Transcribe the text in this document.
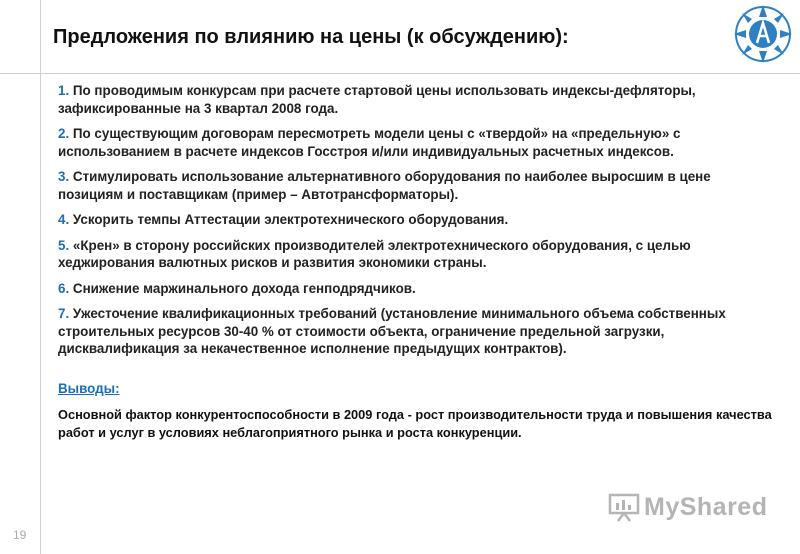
Предложения по влиянию на цены (к обсуждению):
1. По проводимым конкурсам при расчете стартовой цены использовать индексы-дефляторы, зафиксированные на 3 квартал 2008 года.
2. По существующим договорам пересмотреть модели цены с «твердой» на «предельную» с использованием в расчете индексов Госстроя и/или индивидуальных расчетных индексов.
3. Стимулировать использование альтернативного оборудования по наиболее выросшим в цене позициям и поставщикам (пример – Автотрансформаторы).
4. Ускорить темпы Аттестации электротехнического оборудования.
5. «Крен» в сторону российских производителей электротехнического оборудования, с целью хеджирования валютных рисков и развития экономики страны.
6. Снижение маржинального дохода генподрядчиков.
7. Ужесточение квалификационных требований (установление минимального объема собственных строительных ресурсов 30-40 % от стоимости объекта, ограничение предельной загрузки, дисквалификация за некачественное исполнение предыдущих контрактов).
Выводы:
Основной фактор конкурентоспособности в 2009 года - рост производительности труда и повышения качества работ и услуг в условиях неблагоприятного рынка и роста конкуренции.
19
MyShared
